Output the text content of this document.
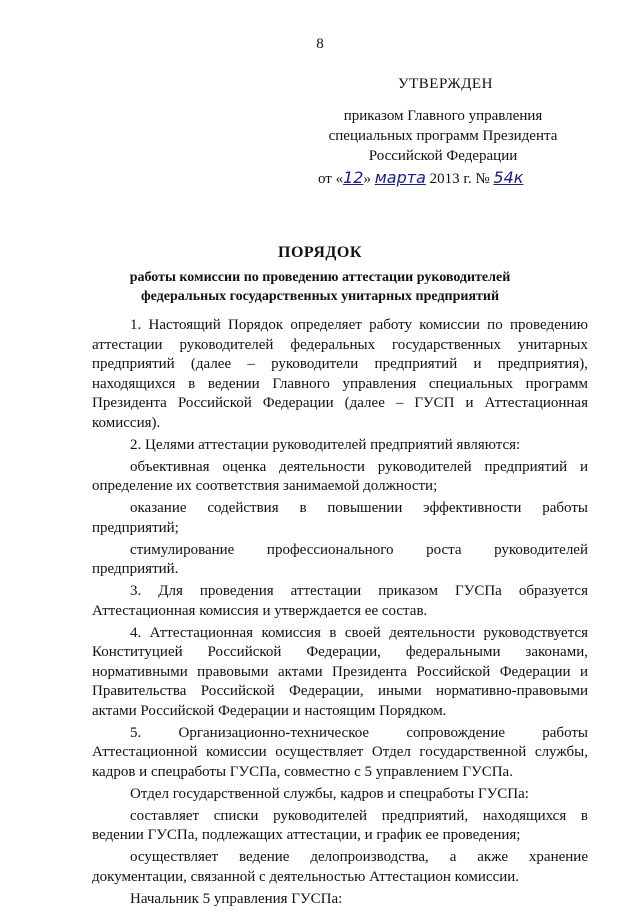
8
УТВЕРЖДЕН
приказом Главного управления
специальных программ Президента
Российской Федерации
от «12» марта 2013 г. № 54к
ПОРЯДОК
работы комиссии по проведению аттестации руководителей федеральных государственных унитарных предприятий

1. Настоящий Порядок определяет работу комиссии по проведению аттестации руководителей федеральных государственных унитарных предприятий (далее – руководители предприятий и предприятия), находящихся в ведении Главного управления специальных программ Президента Российской Федерации (далее – ГУСП и Аттестационная комиссия).

2. Целями аттестации руководителей предприятий являются:

объективная оценка деятельности руководителей предприятий и определение их соответствия занимаемой должности;

оказание содействия в повышении эффективности работы предприятий;

стимулирование профессионального роста руководителей предприятий.

3. Для проведения аттестации приказом ГУСПа образуется Аттестационная комиссия и утверждается ее состав.

4. Аттестационная комиссия в своей деятельности руководствуется Конституцией Российской Федерации, федеральными законами, нормативными правовыми актами Президента Российской Федерации и Правительства Российской Федерации, иными нормативно-правовыми актами Российской Федерации и настоящим Порядком.

5. Организационно-техническое сопровождение работы Аттестационной комиссии осуществляет Отдел государственной службы, кадров и спецработы ГУСПа, совместно с 5 управлением ГУСПа.

Отдел государственной службы, кадров и спецработы ГУСПа:

составляет списки руководителей предприятий, находящихся в ведении ГУСПа, подлежащих аттестации, и график ее проведения;

осуществляет ведение делопроизводства, а акже хранение документации, связанной с деятельностью Аттестацион комиссии.

Начальник 5 управления ГУСПа:
